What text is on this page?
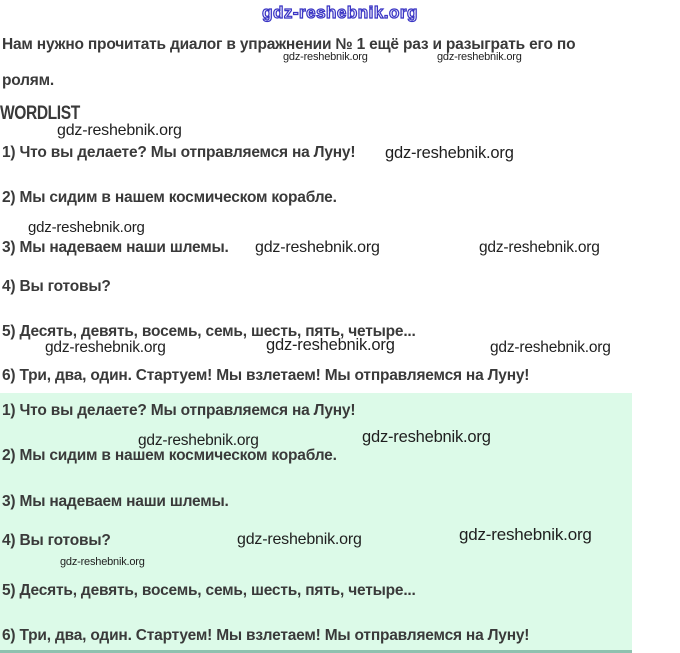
gdz-reshebnik.org
Нам нужно прочитать диалог в упражнении № 1 ещё раз и разыграть его по
gdz-reshebnik.org	gdz-reshebnik.org
ролям.
WORDLIST
gdz-reshebnik.org
1) Что вы делаете? Мы отправляемся на Луну! gdz-reshebnik.org
2) Мы сидим в нашем космическом корабле.
gdz-reshebnik.org
3) Мы надеваем наши шлемы. gdz-reshebnik.org	gdz-reshebnik.org
4) Вы готовы?
5) Десять, девять, восемь, семь, шесть, пять, четыре...
gdz-reshebnik.org	gdz-reshebnik.org	gdz-reshebnik.org
6) Три, два, один. Стартуем! Мы взлетаем! Мы отправляемся на Луну!
1) Что вы делаете? Мы отправляемся на Луну!
gdz-reshebnik.org	gdz-reshebnik.org
2) Мы сидим в нашем космическом корабле.
3) Мы надеваем наши шлемы.
4) Вы готовы?	gdz-reshebnik.org	gdz-reshebnik.org
gdz-reshebnik.org
5) Десять, девять, восемь, семь, шесть, пять, четыре...
6) Три, два, один. Стартуем! Мы взлетаем! Мы отправляемся на Луну!
